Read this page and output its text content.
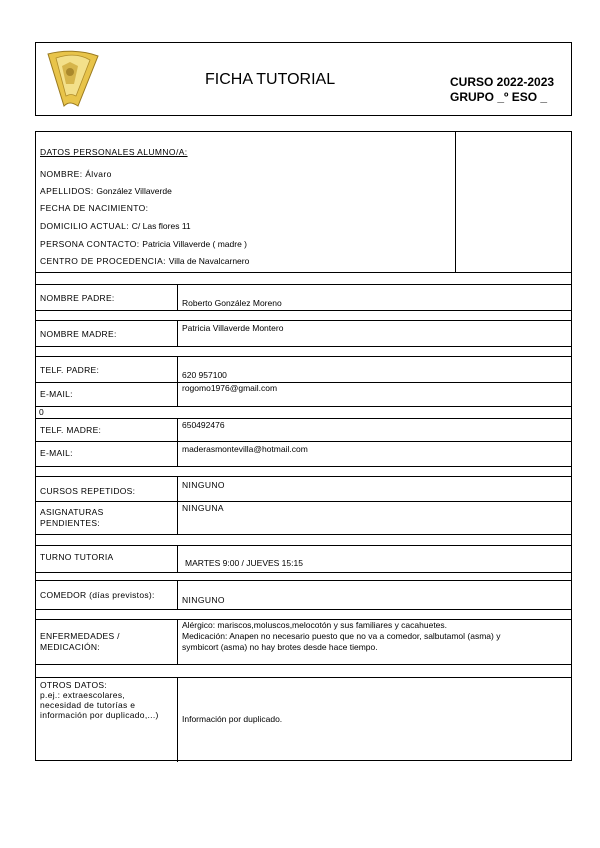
FICHA TUTORIAL	CURSO 2022-2023
GRUPO _º ESO _
DATOS PERSONALES ALUMNO/A:
NOMBRE: Álvaro
APELLIDOS: González Villaverde
FECHA DE NACIMIENTO:
DOMICILIO ACTUAL: C/ Las flores 11
PERSONA CONTACTO: Patricia Villaverde ( madre )
CENTRO DE PROCEDENCIA: Villa de Navalcarnero
NOMBRE PADRE:	Roberto González Moreno
NOMBRE MADRE:
Patricia Villaverde Montero
TELF. PADRE:	620 957100
E-MAIL:
rogomo1976@gmail.com
0
TELF. MADRE:	650492476
E-MAIL:	maderasmontevilla@hotmail.com
CURSOS REPETIDOS:
NINGUNO
ASIGNATURAS
PENDIENTES:
NINGUNA
TURNO TUTORIA
MARTES 9:00 / JUEVES 15:15
COMEDOR (días previstos):	NINGUNO
ENFERMEDADES /
MEDICACIÓN:
Alérgico: mariscos,moluscos,melocotón y sus familiares y cacahuetes.
Medicación: Anapen no necesario puesto que no va a comedor, salbutamol (asma) y
symbicort (asma) no hay brotes desde hace tiempo.
OTROS DATOS:
p.ej.: extraescolares,
necesidad de tutorías e
información por duplicado,...)	Información por duplicado.
